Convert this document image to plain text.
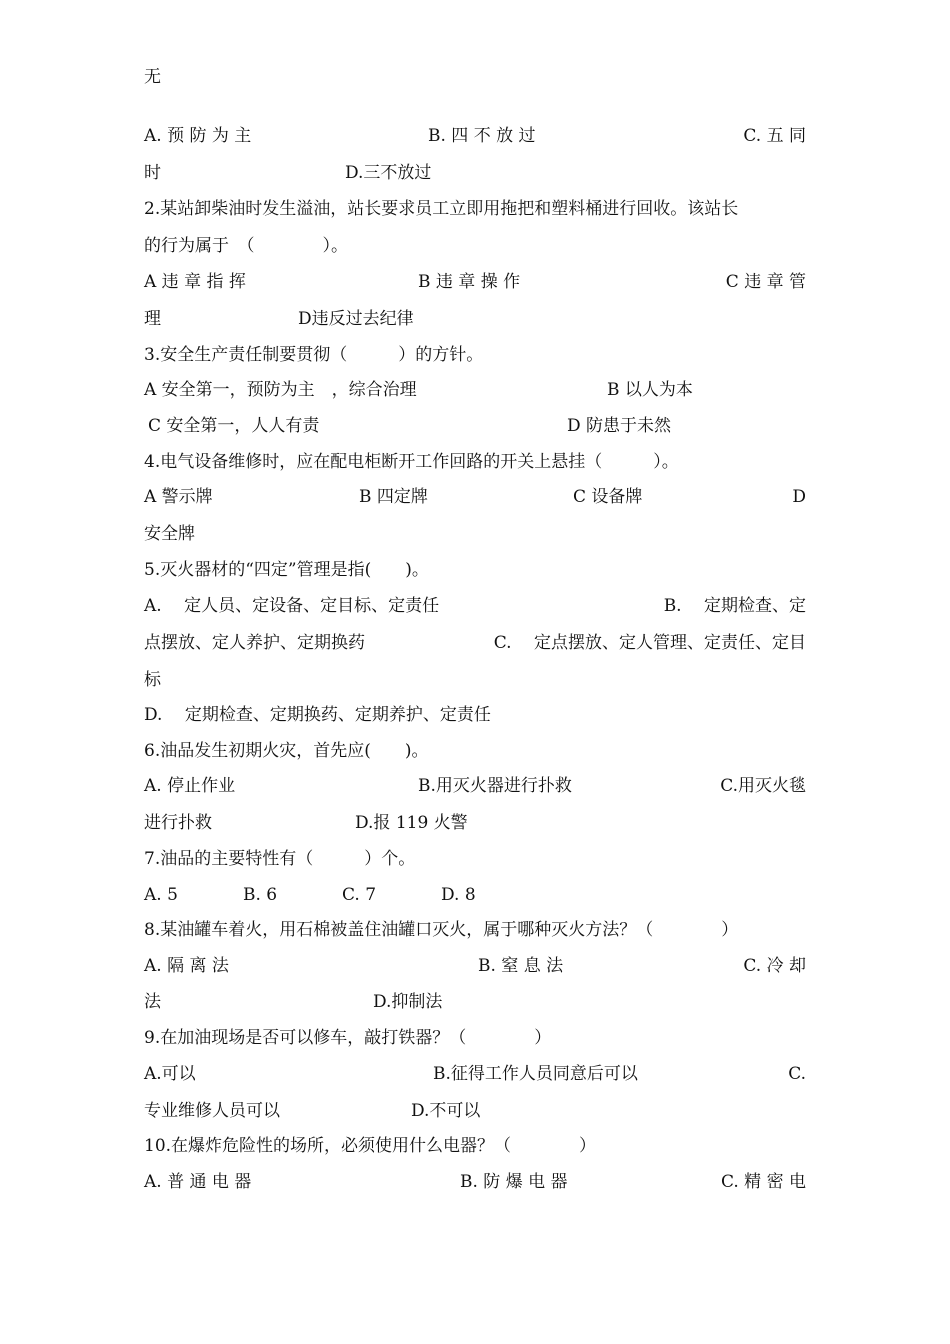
无
A. 预 防 为 主	B. 四 不 放 过	C. 五 同
时	D.三不放过
2.某站卸柴油时发生溢油，站长要求员工立即用拖把和塑料桶进行回收。该站长
的行为属于　（　　　　）。
A 违 章 指 挥	B 违 章 操 作	C 违 章 管
理	D违反过去纪律
3.安全生产责任制要贯彻（　　　）的方针。
A 安全第一，预防为主　，综合治理	B 以人为本
C 安全第一，人人有责	D 防患于未然
4.电气设备维修时，应在配电柜断开工作回路的开关上悬挂（　　　）。
A 警示牌	B 四定牌	C 设备牌	D
安全牌
5.灭火器材的“四定”管理是指(　　)。
A.　 定人员、定设备、定目标、定责任	B.　 定期检查、定
点摆放、定人养护、定期换药	C.　 定点摆放、定人管理、定责任、定目
标
D.　 定期检查、定期换药、定期养护、定责任
6.油品发生初期火灾，首先应(　　)。
A. 停止作业	B.用灭火器进行扑救	C.用灭火毯
进行扑救	D.报 119 火警
7.油品的主要特性有（　　　）个。
A. 5	B. 6	C. 7	D. 8
8.某油罐车着火，用石棉被盖住油罐口灭火，属于哪种灭火方法？（　　　　）
A. 隔 离 法	B. 窒 息 法	C. 冷 却
法	D.抑制法
9.在加油现场是否可以修车，敲打铁器？（　　　　）
A.可以	B.征得工作人员同意后可以	C.
专业维修人员可以	D.不可以
10.在爆炸危险性的场所，必须使用什么电器？（　　　　）
A. 普 通 电 器	B. 防 爆 电 器	C. 精 密 电
